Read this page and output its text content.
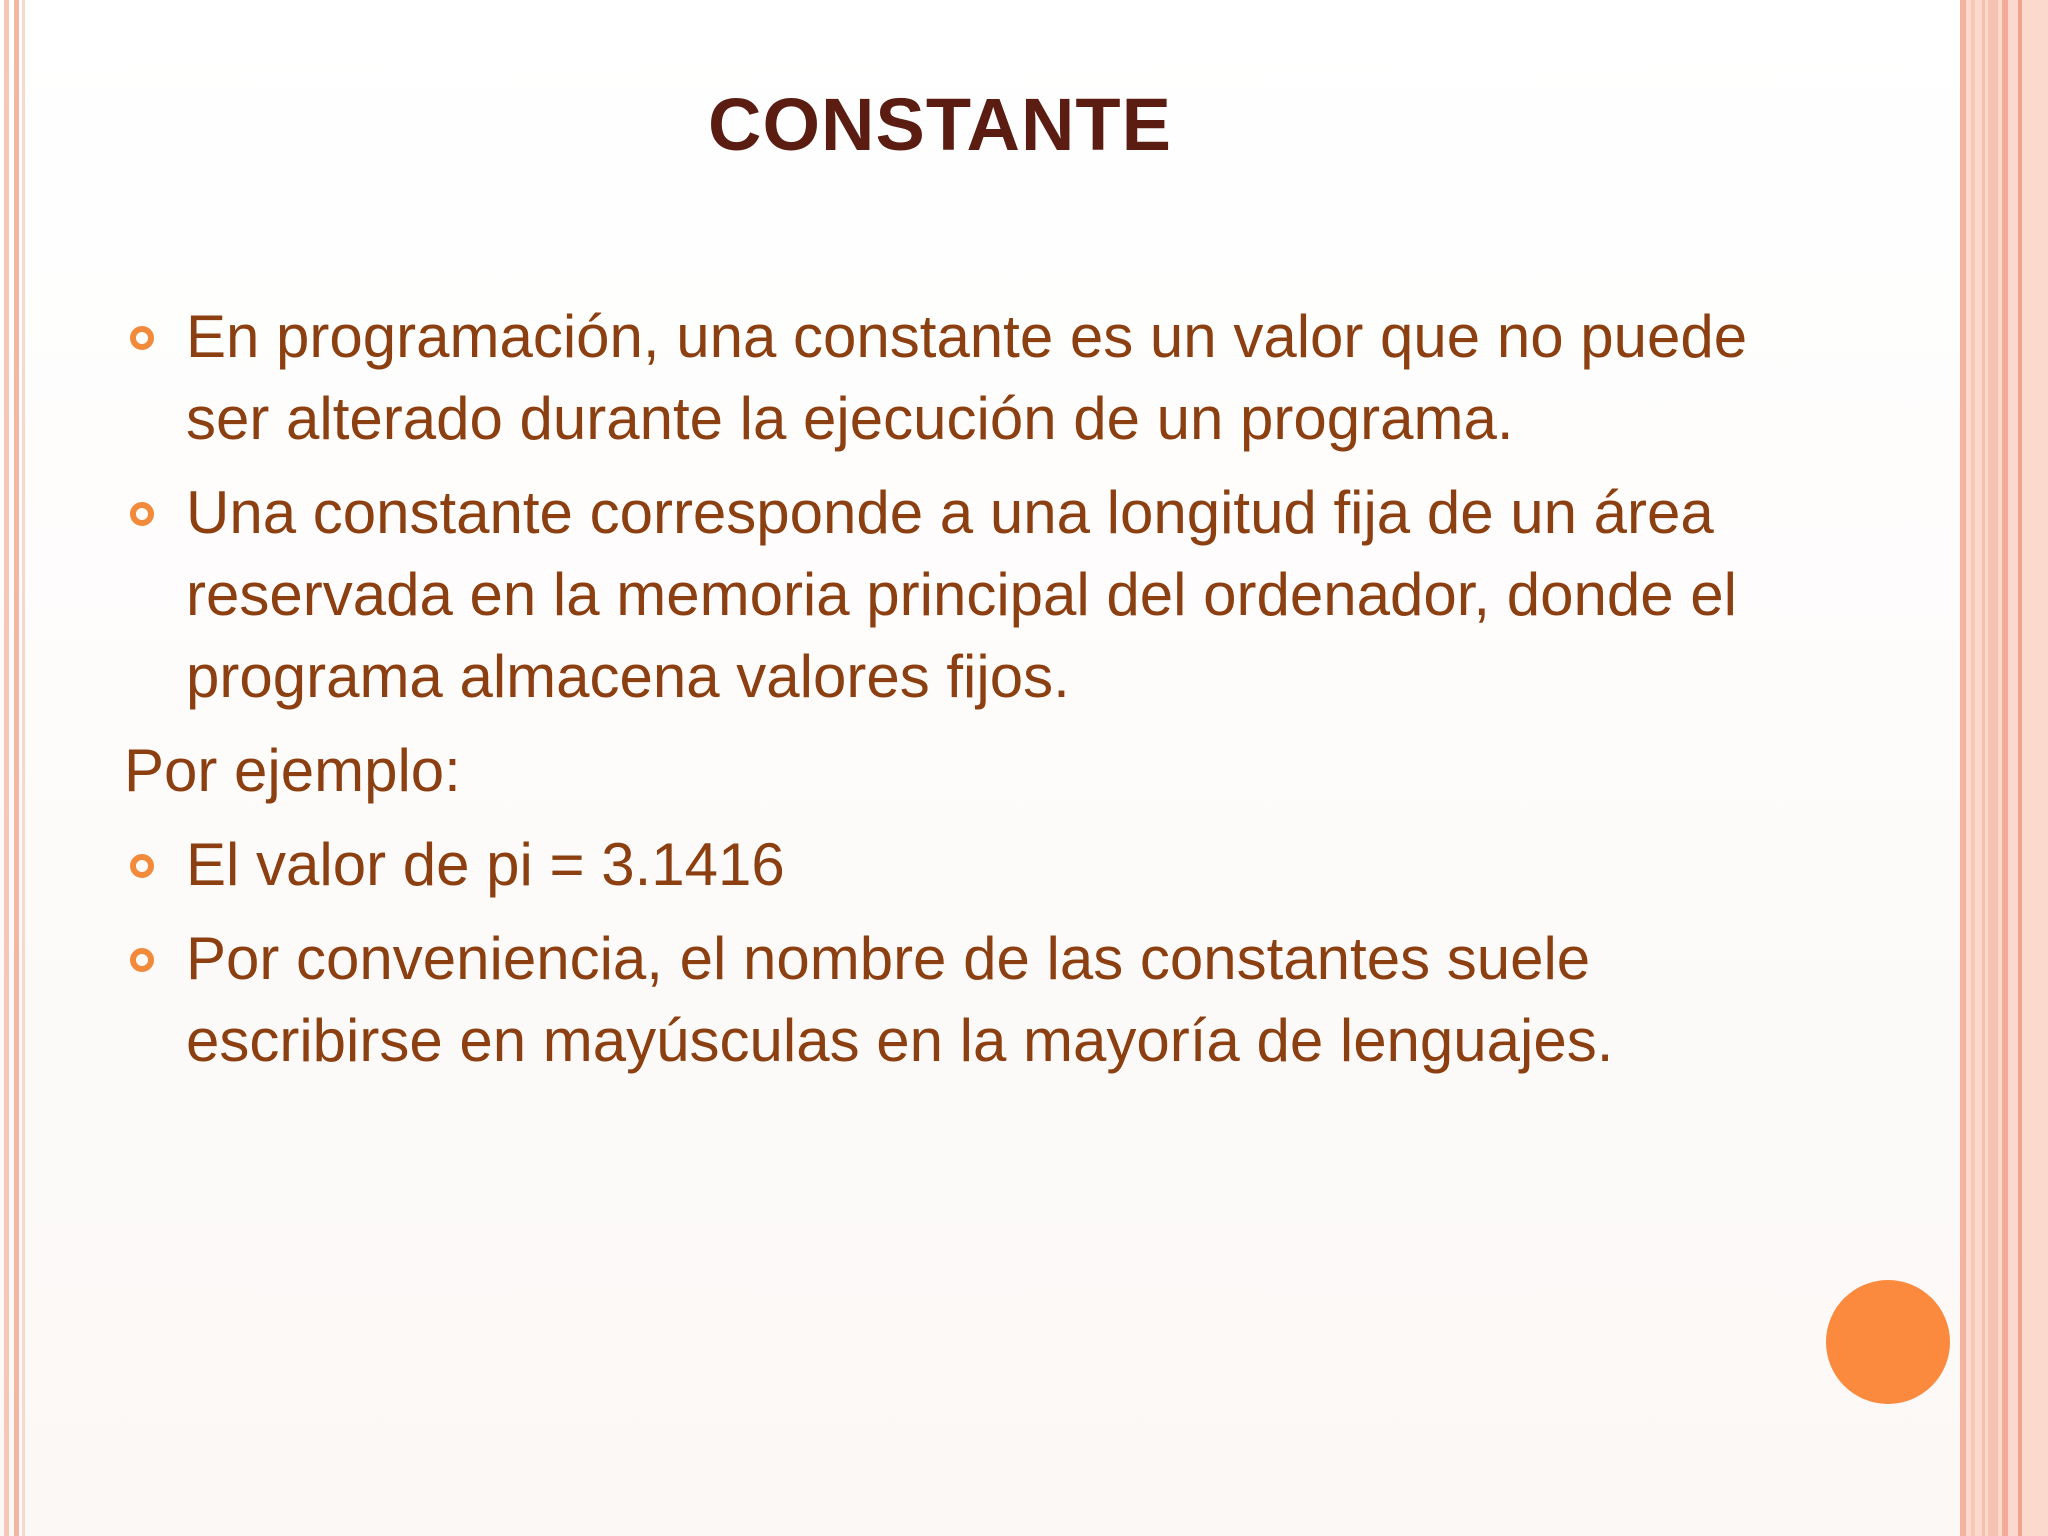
CONSTANTE
En programación, una constante es un valor que no puede ser alterado durante la ejecución de un programa.
Una constante corresponde a una longitud fija de un área reservada en la memoria principal del ordenador, donde el programa almacena valores fijos.
Por ejemplo:
El valor de pi = 3.1416
Por conveniencia, el nombre de las constantes suele escribirse en mayúsculas en la mayoría de lenguajes.
